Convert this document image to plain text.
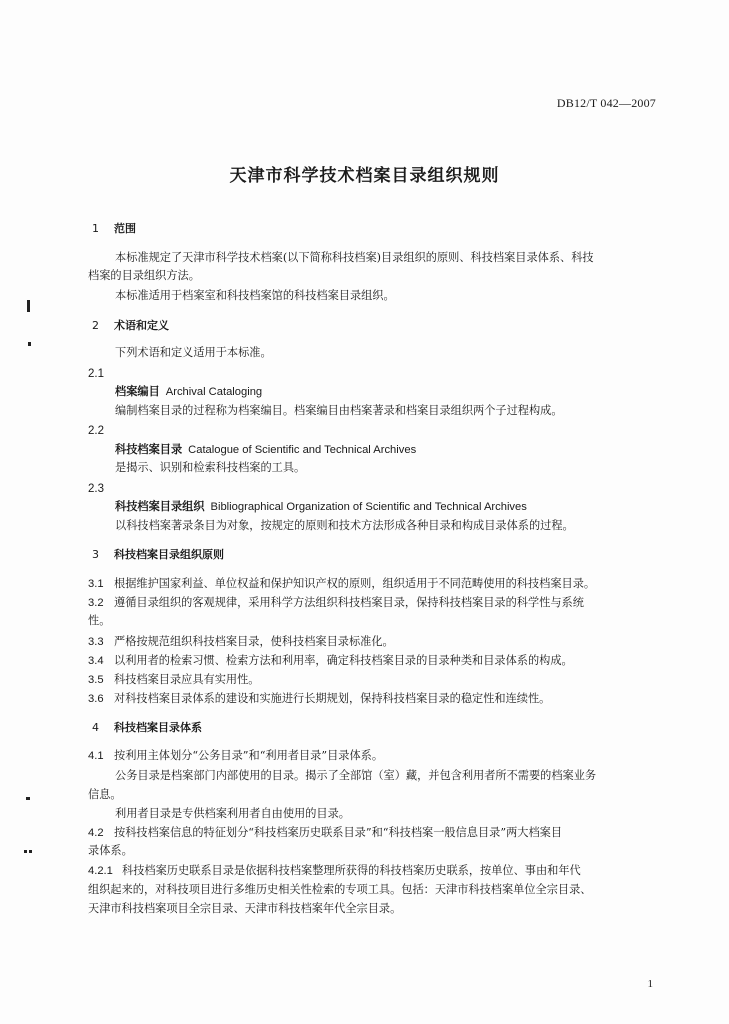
DB12/T 042—2007
天津市科学技术档案目录组织规则
1 范围
本标准规定了天津市科学技术档案(以下简称科技档案)目录组织的原则、科技档案目录体系、科技
档案的目录组织方法。
本标准适用于档案室和科技档案馆的科技档案目录组织。
2 术语和定义
下列术语和定义适用于本标准。
2.1
档案编目 Archival Cataloging
编制档案目录的过程称为档案编目。档案编目由档案著录和档案目录组织两个子过程构成。
2.2
科技档案目录 Catalogue of Scientific and Technical Archives
是揭示、识别和检索科技档案的工具。
2.3
科技档案目录组织 Bibliographical Organization of Scientific and Technical Archives
以科技档案著录条目为对象，按规定的原则和技术方法形成各种目录和构成目录体系的过程。
3 科技档案目录组织原则
3.1 根据维护国家利益、单位权益和保护知识产权的原则，组织适用于不同范畴使用的科技档案目录。
3.2 遵循目录组织的客观规律，采用科学方法组织科技档案目录，保持科技档案目录的科学性与系统
性。
3.3 严格按规范组织科技档案目录，使科技档案目录标准化。
3.4 以利用者的检索习惯、检索方法和利用率，确定科技档案目录的目录种类和目录体系的构成。
3.5 科技档案目录应具有实用性。
3.6 对科技档案目录体系的建设和实施进行长期规划，保持科技档案目录的稳定性和连续性。
4 科技档案目录体系
4.1 按利用主体划分“公务目录”和“利用者目录”目录体系。
公务目录是档案部门内部使用的目录。揭示了全部馆（室）藏，并包含利用者所不需要的档案业务
信息。
利用者目录是专供档案利用者自由使用的目录。
4.2 按科技档案信息的特征划分“科技档案历史联系目录”和“科技档案一般信息目录”两大档案目
录体系。
4.2.1 科技档案历史联系目录是依据科技档案整理所获得的科技档案历史联系，按单位、事由和年代
组织起来的，对科技项目进行多维历史相关性检索的专项工具。包括：天津市科技档案单位全宗目录、
天津市科技档案项目全宗目录、天津市科技档案年代全宗目录。
1
